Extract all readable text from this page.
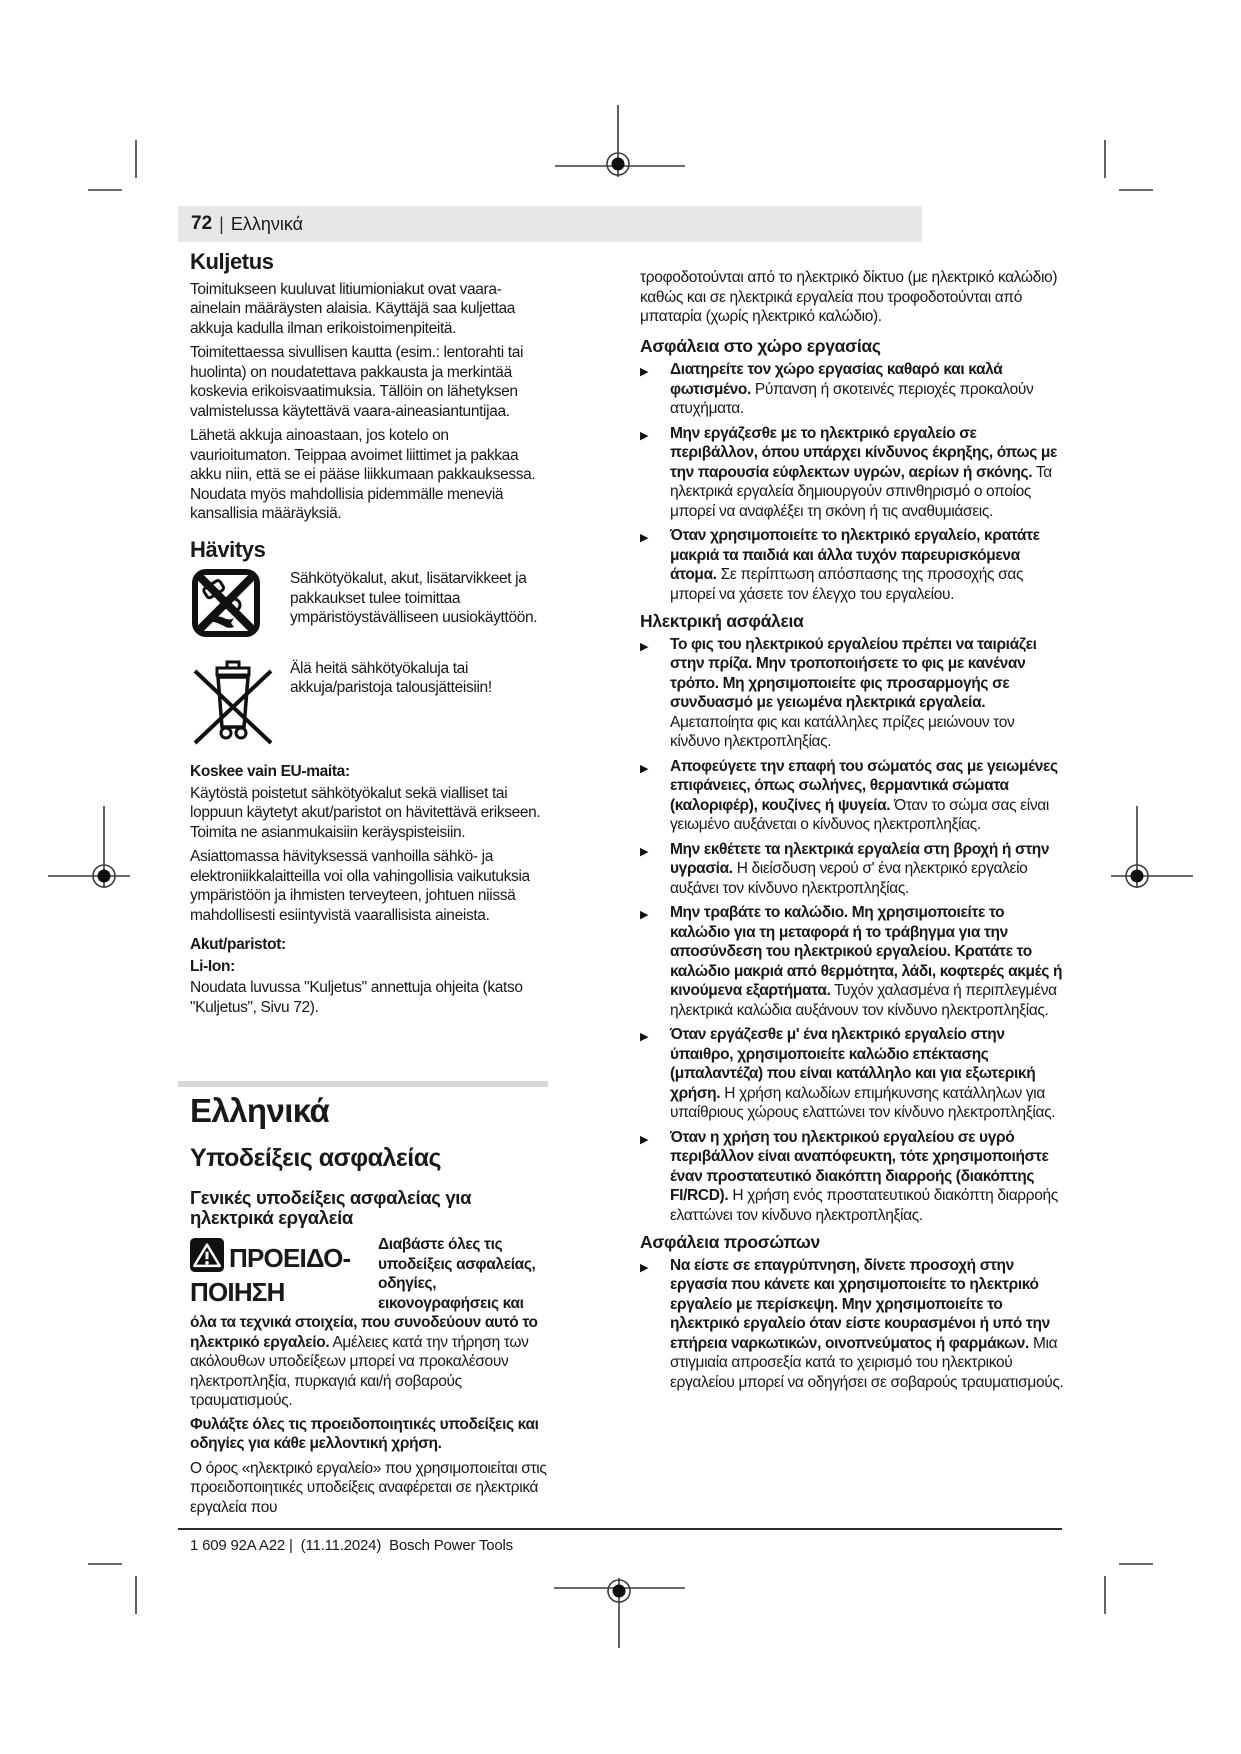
72 | Ελληνικά
Kuljetus

Toimitukseen kuuluvat litiumioniakut ovat vaara-ainelain määräysten alaisia. Käyttäjä saa kuljettaa akkuja kadulla ilman erikoistoimenpiteitä.

Toimitettaessa sivullisen kautta (esim.: lentorahti tai huolinta) on noudatettava pakkausta ja merkintää koskevia erikoisvaatimuksia. Tällöin on lähetyksen valmistelussa käytettävä vaara-aineasiantuntijaa.

Lähetä akkuja ainoastaan, jos kotelo on vaurioitumaton. Teippaa avoimet liittimet ja pakkaa akku niin, että se ei pääse liikkumaan pakkauksessa. Noudata myös mahdollisia pidemmälle meneviä kansallisia määräyksiä.

Hävitys
Sähkötyökalut, akut, lisätarvikkeet ja pakkaukset tulee toimittaa ympäristöystävälliseen uusiokäyttöön.
Älä heitä sähkötyökaluja tai akkuja/paristoja talousjätteisiin!
Koskee vain EU-maita:

Käytöstä poistetut sähkötyökalut sekä vialliset tai loppuun käytetyt akut/paristot on hävitettävä erikseen. Toimita ne asianmukaisiin keräyspisteisiin.

Asiattomassa hävityksessä vanhoilla sähkö- ja elektroniikkalaitteilla voi olla vahingollisia vaikutuksia ympäristöön ja ihmisten terveyteen, johtuen niissä mahdollisesti esiintyvistä vaarallisista aineista.

Akut/paristot:
Li-Ion:

Noudata luvussa "Kuljetus" annettuja ohjeita (katso "Kuljetus", Sivu 72).

Ελληνικά
Υποδείξεις ασφαλείας
Γενικές υποδείξεις ασφαλείας για ηλεκτρικά εργαλεία

ΠΡΟΕΙΔΟ-
ΠΟΙΗΣΗ
Διαβάστε όλες τις υποδείξεις ασφαλείας, οδηγίες, εικονογραφήσεις και όλα τα τεχνικά στοιχεία, που συνοδεύουν αυτό το ηλεκτρικό εργαλείο. Αμέλειες κατά την τήρηση των ακόλουθων υποδείξεων μπορεί να προκαλέσουν ηλεκτροπληξία, πυρκαγιά και/ή σοβαρούς τραυματισμούς.

Φυλάξτε όλες τις προειδοποιητικές υποδείξεις και οδηγίες για κάθε μελλοντική χρήση.

Ο όρος «ηλεκτρικό εργαλείο» που χρησιμοποιείται στις προειδοποιητικές υποδείξεις αναφέρεται σε ηλεκτρικά εργαλεία που

τροφοδοτούνται από το ηλεκτρικό δίκτυο (με ηλεκτρικό καλώδιο) καθώς και σε ηλεκτρικά εργαλεία που τροφοδοτούνται από μπαταρία (χωρίς ηλεκτρικό καλώδιο).

Ασφάλεια στο χώρο εργασίας
▶	Διατηρείτε τον χώρο εργασίας καθαρό και καλά φωτισμένο. Ρύπανση ή σκοτεινές περιοχές προκαλούν ατυχήματα.
▶	Μην εργάζεσθε με το ηλεκτρικό εργαλείο σε περιβάλλον, όπου υπάρχει κίνδυνος έκρηξης, όπως με την παρουσία εύφλεκτων υγρών, αερίων ή σκόνης. Τα ηλεκτρικά εργαλεία δημιουργούν σπινθηρισμό ο οποίος μπορεί να αναφλέξει τη σκόνη ή τις αναθυμιάσεις.
▶	Όταν χρησιμοποιείτε το ηλεκτρικό εργαλείο, κρατάτε μακριά τα παιδιά και άλλα τυχόν παρευρισκόμενα άτομα. Σε περίπτωση απόσπασης της προσοχής σας μπορεί να χάσετε τον έλεγχο του εργαλείου.
Ηλεκτρική ασφάλεια
▶	Το φις του ηλεκτρικού εργαλείου πρέπει να ταιριάζει στην πρίζα. Μην τροποποιήσετε το φις με κανέναν τρόπο. Μη χρησιμοποιείτε φις προσαρμογής σε συνδυασμό με γειωμένα ηλεκτρικά εργαλεία. Αμεταποίητα φις και κατάλληλες πρίζες μειώνουν τον κίνδυνο ηλεκτροπληξίας.
▶	Αποφεύγετε την επαφή του σώματός σας με γειωμένες επιφάνειες, όπως σωλήνες, θερμαντικά σώματα (καλοριφέρ), κουζίνες ή ψυγεία. Όταν το σώμα σας είναι γειωμένο αυξάνεται ο κίνδυνος ηλεκτροπληξίας.
▶	Μην εκθέτετε τα ηλεκτρικά εργαλεία στη βροχή ή στην υγρασία. Η διείσδυση νερού σ' ένα ηλεκτρικό εργαλείο αυξάνει τον κίνδυνο ηλεκτροπληξίας.
▶	Μην τραβάτε το καλώδιο. Μη χρησιμοποιείτε το καλώδιο για τη μεταφορά ή το τράβηγμα για την αποσύνδεση του ηλεκτρικού εργαλείου. Κρατάτε το καλώδιο μακριά από θερμότητα, λάδι, κοφτερές ακμές ή κινούμενα εξαρτήματα. Τυχόν χαλασμένα ή περιπλεγμένα ηλεκτρικά καλώδια αυξάνουν τον κίνδυνο ηλεκτροπληξίας.
▶	Όταν εργάζεσθε μ' ένα ηλεκτρικό εργαλείο στην ύπαιθρο, χρησιμοποιείτε καλώδιο επέκτασης (μπαλαντέζα) που είναι κατάλληλο και για εξωτερική χρήση. Η χρήση καλωδίων επιμήκυνσης κατάλληλων για υπαίθριους χώρους ελαττώνει τον κίνδυνο ηλεκτροπληξίας.
▶	Όταν η χρήση του ηλεκτρικού εργαλείου σε υγρό περιβάλλον είναι αναπόφευκτη, τότε χρησιμοποιήστε έναν προστατευτικό διακόπτη διαρροής (διακόπτης FI/RCD). Η χρήση ενός προστατευτικού διακόπτη διαρροής ελαττώνει τον κίνδυνο ηλεκτροπληξίας.
Ασφάλεια προσώπων
▶	Να είστε σε επαγρύπνηση, δίνετε προσοχή στην εργασία που κάνετε και χρησιμοποιείτε το ηλεκτρικό εργαλείο με περίσκεψη. Μην χρησιμοποιείτε το ηλεκτρικό εργαλείο όταν είστε κουρασμένοι ή υπό την επήρεια ναρκωτικών, οινοπνεύματος ή φαρμάκων. Μια στιγμιαία απροσεξία κατά το χειρισμό του ηλεκτρικού εργαλείου μπορεί να οδηγήσει σε σοβαρούς τραυματισμούς.
1 609 92A A22 | (11.11.2024) Bosch Power Tools
